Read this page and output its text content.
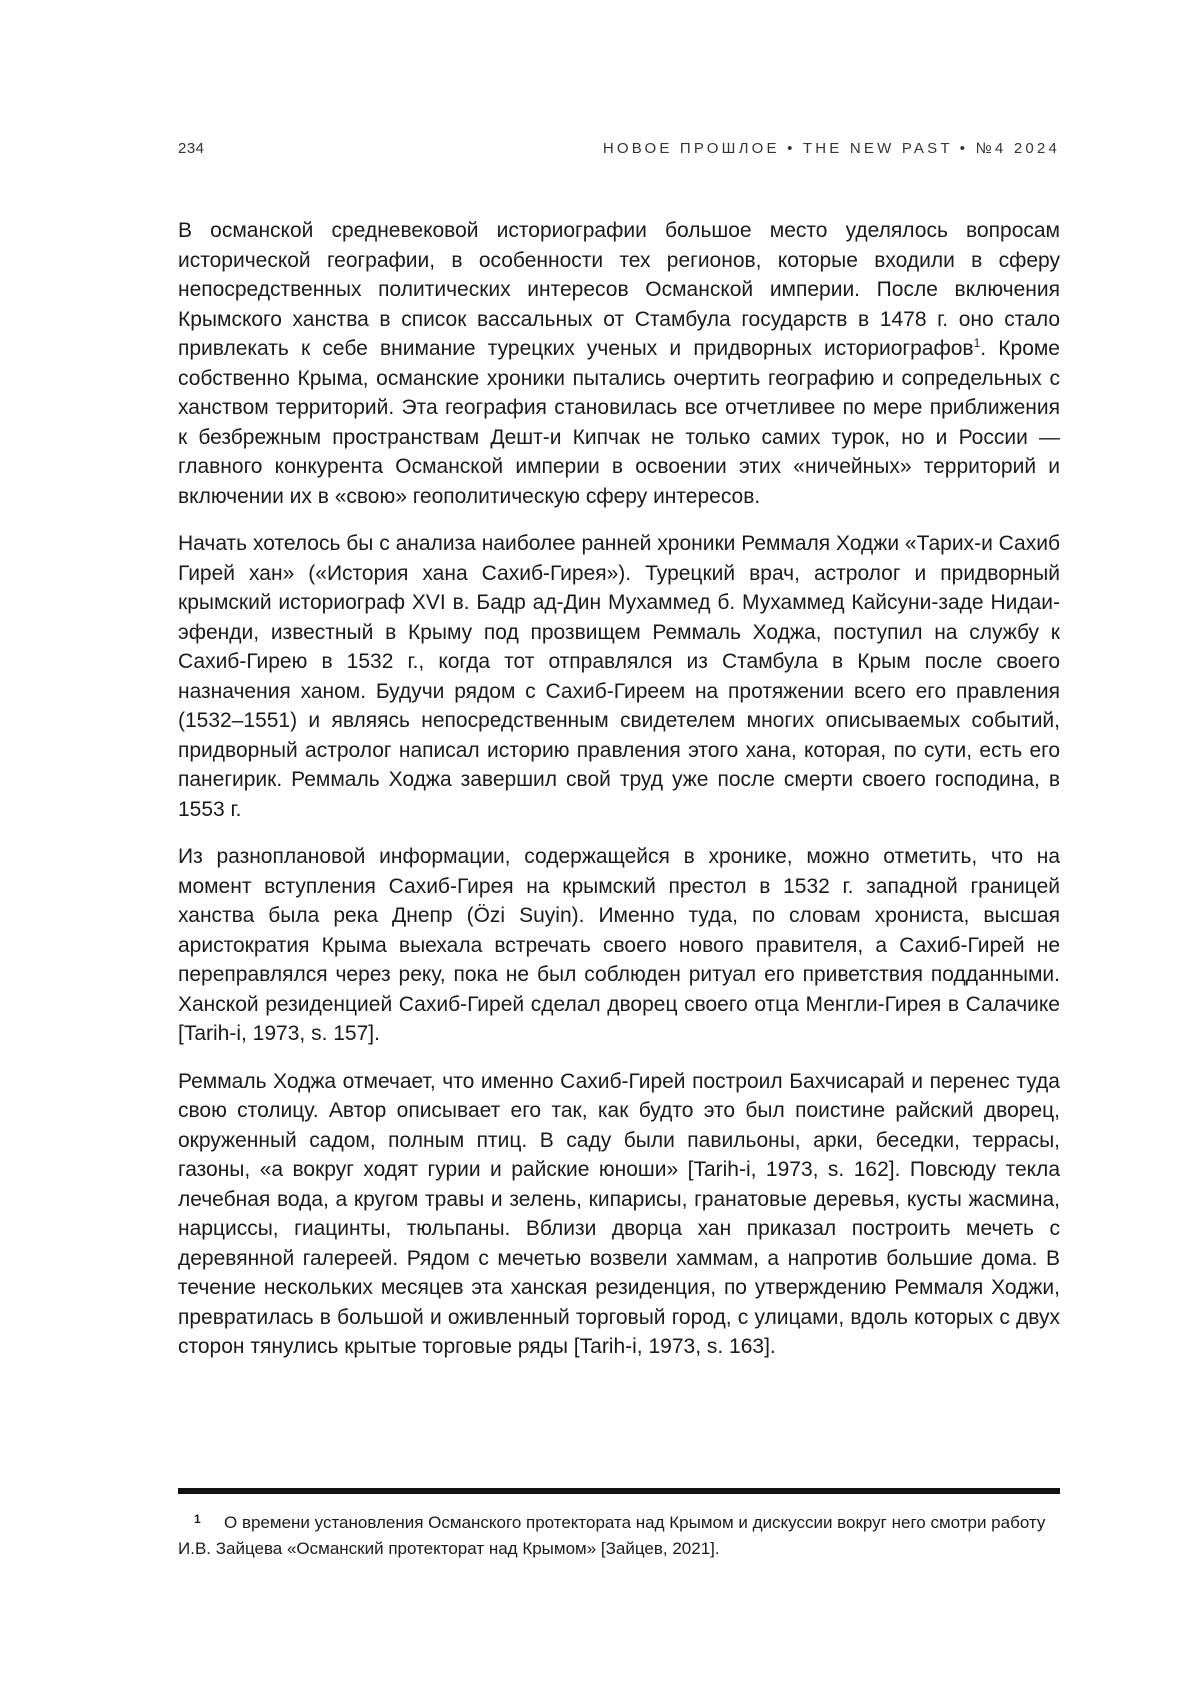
234	НОВОЕ ПРОШЛОЕ • THE NEW PAST • №4 2024

В османской средневековой историографии большое место уделялось вопросам исторической географии, в особенности тех регионов, которые входили в сферу непосредственных политических интересов Османской империи. После включения Крымского ханства в список вассальных от Стамбула государств в 1478 г. оно стало привлекать к себе внимание турецких ученых и придворных историографов$^1$. Кроме собственно Крыма, османские хроники пытались очертить географию и сопредельных с ханством территорий. Эта география становилась все отчетливее по мере приближения к безбрежным пространствам Дешт-и Кипчак не только самих турок, но и России — главного конкурента Османской империи в освоении этих «ничейных» территорий и включении их в «свою» геополитическую сферу интересов.

Начать хотелось бы с анализа наиболее ранней хроники Реммаля Ходжи «Тарих-и Сахиб Гирей хан» («История хана Сахиб-Гирея»). Турецкий врач, астролог и придворный крымский историограф XVI в. Бадр ад-Дин Мухаммед б. Мухаммед Кайсуни-заде Нидаи-эфенди, известный в Крыму под прозвищем Реммаль Ходжа, поступил на службу к Сахиб-Гирею в 1532 г., когда тот отправлялся из Стамбула в Крым после своего назначения ханом. Будучи рядом с Сахиб-Гиреем на протяжении всего его правления (1532–1551) и являясь непосредственным свидетелем многих описываемых событий, придворный астролог написал историю правления этого хана, которая, по сути, есть его панегирик. Реммаль Ходжа завершил свой труд уже после смерти своего господина, в 1553 г.

Из разноплановой информации, содержащейся в хронике, можно отметить, что на момент вступления Сахиб-Гирея на крымский престол в 1532 г. западной границей ханства была река Днепр (Özi Suyin). Именно туда, по словам хрониста, высшая аристократия Крыма выехала встречать своего нового правителя, а Сахиб-Гирей не переправлялся через реку, пока не был соблюден ритуал его приветствия подданными. Ханской резиденцией Сахиб-Гирей сделал дворец своего отца Менгли-Гирея в Салачике [Tarih-i, 1973, s. 157].

Реммаль Ходжа отмечает, что именно Сахиб-Гирей построил Бахчисарай и перенес туда свою столицу. Автор описывает его так, как будто это был поистине райский дворец, окруженный садом, полным птиц. В саду были павильоны, арки, беседки, террасы, газоны, «а вокруг ходят гурии и райские юноши» [Tarih-i, 1973, s. 162]. Повсюду текла лечебная вода, а кругом травы и зелень, кипарисы, гранатовые деревья, кусты жасмина, нарциссы, гиацинты, тюльпаны. Вблизи дворца хан приказал построить мечеть с деревянной галереей. Рядом с мечетью возвели хаммам, а напротив большие дома. В течение нескольких месяцев эта ханская резиденция, по утверждению Реммаля Ходжи, превратилась в большой и оживленный торговый город, с улицами, вдоль которых с двух сторон тянулись крытые торговые ряды [Tarih-i, 1973, s. 163].

1 О времени установления Османского протектората над Крымом и дискуссии вокруг него смотри работу И.В. Зайцева «Османский протекторат над Крымом» [Зайцев, 2021].
